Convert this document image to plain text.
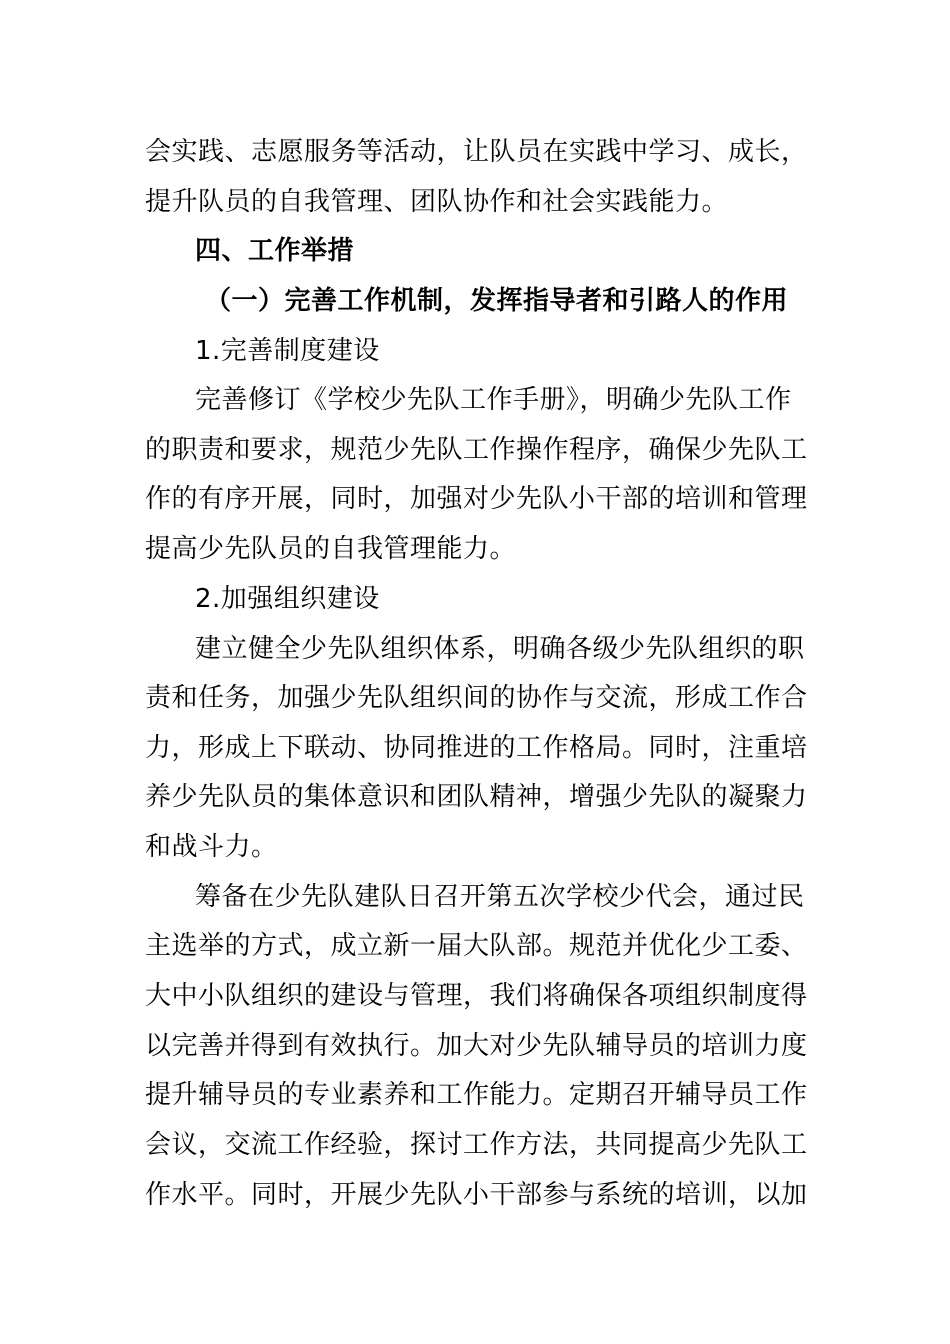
会实践、志愿服务等活动，让队员在实践中学习、成长，
提升队员的自我管理、团队协作和社会实践能力。
四、工作举措
（一）完善工作机制，发挥指导者和引路人的作用
1.完善制度建设
完善修订《学校少先队工作手册》，明确少先队工作
的职责和要求，规范少先队工作操作程序，确保少先队工
作的有序开展，同时，加强对少先队小干部的培训和管理
提高少先队员的自我管理能力。
2.加强组织建设
建立健全少先队组织体系，明确各级少先队组织的职
责和任务，加强少先队组织间的协作与交流，形成工作合
力，形成上下联动、协同推进的工作格局。同时，注重培
养少先队员的集体意识和团队精神，增强少先队的凝聚力
和战斗力。
筹备在少先队建队日召开第五次学校少代会，通过民
主选举的方式，成立新一届大队部。规范并优化少工委、
大中小队组织的建设与管理，我们将确保各项组织制度得
以完善并得到有效执行。加大对少先队辅导员的培训力度
提升辅导员的专业素养和工作能力。定期召开辅导员工作
会议，交流工作经验，探讨工作方法，共同提高少先队工
作水平。同时，开展少先队小干部参与系统的培训，以加
